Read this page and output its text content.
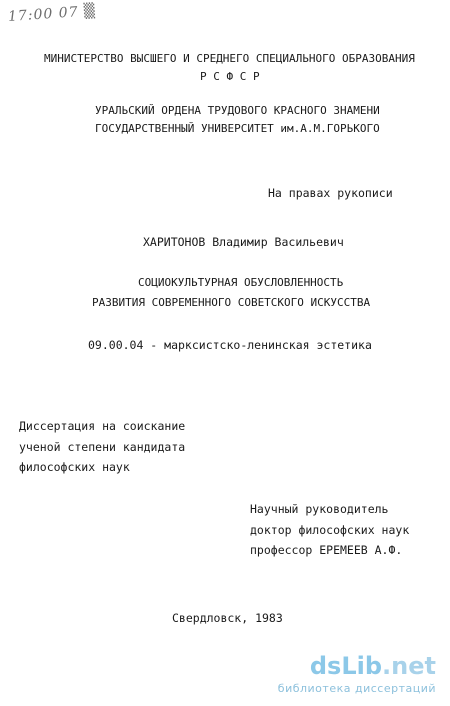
17:00 07 ▒
МИНИСТЕРСТВО ВЫСШЕГО И СРЕДНЕГО СПЕЦИАЛЬНОГО ОБРАЗОВАНИЯ
Р С Ф С Р
УРАЛЬСКИЙ ОРДЕНА ТРУДОВОГО КРАСНОГО ЗНАМЕНИ
ГОСУДАРСТВЕННЫЙ УНИВЕРСИТЕТ им.А.М.ГОРЬКОГО
На правах рукописи
ХАРИТОНОВ Владимир Васильевич
СОЦИОКУЛЬТУРНАЯ ОБУСЛОВЛЕННОСТЬ
РАЗВИТИЯ СОВРЕМЕННОГО СОВЕТСКОГО ИСКУССТВА
09.00.04 - марксистско-ленинская эстетика
Диссертация на соискание
ученой степени кандидата
философских наук
Научный руководитель
доктор философских наук
профессор ЕРЕМЕЕВ А.Ф.
Свердловск, 1983
dsLib.net
библиотека диссертаций
